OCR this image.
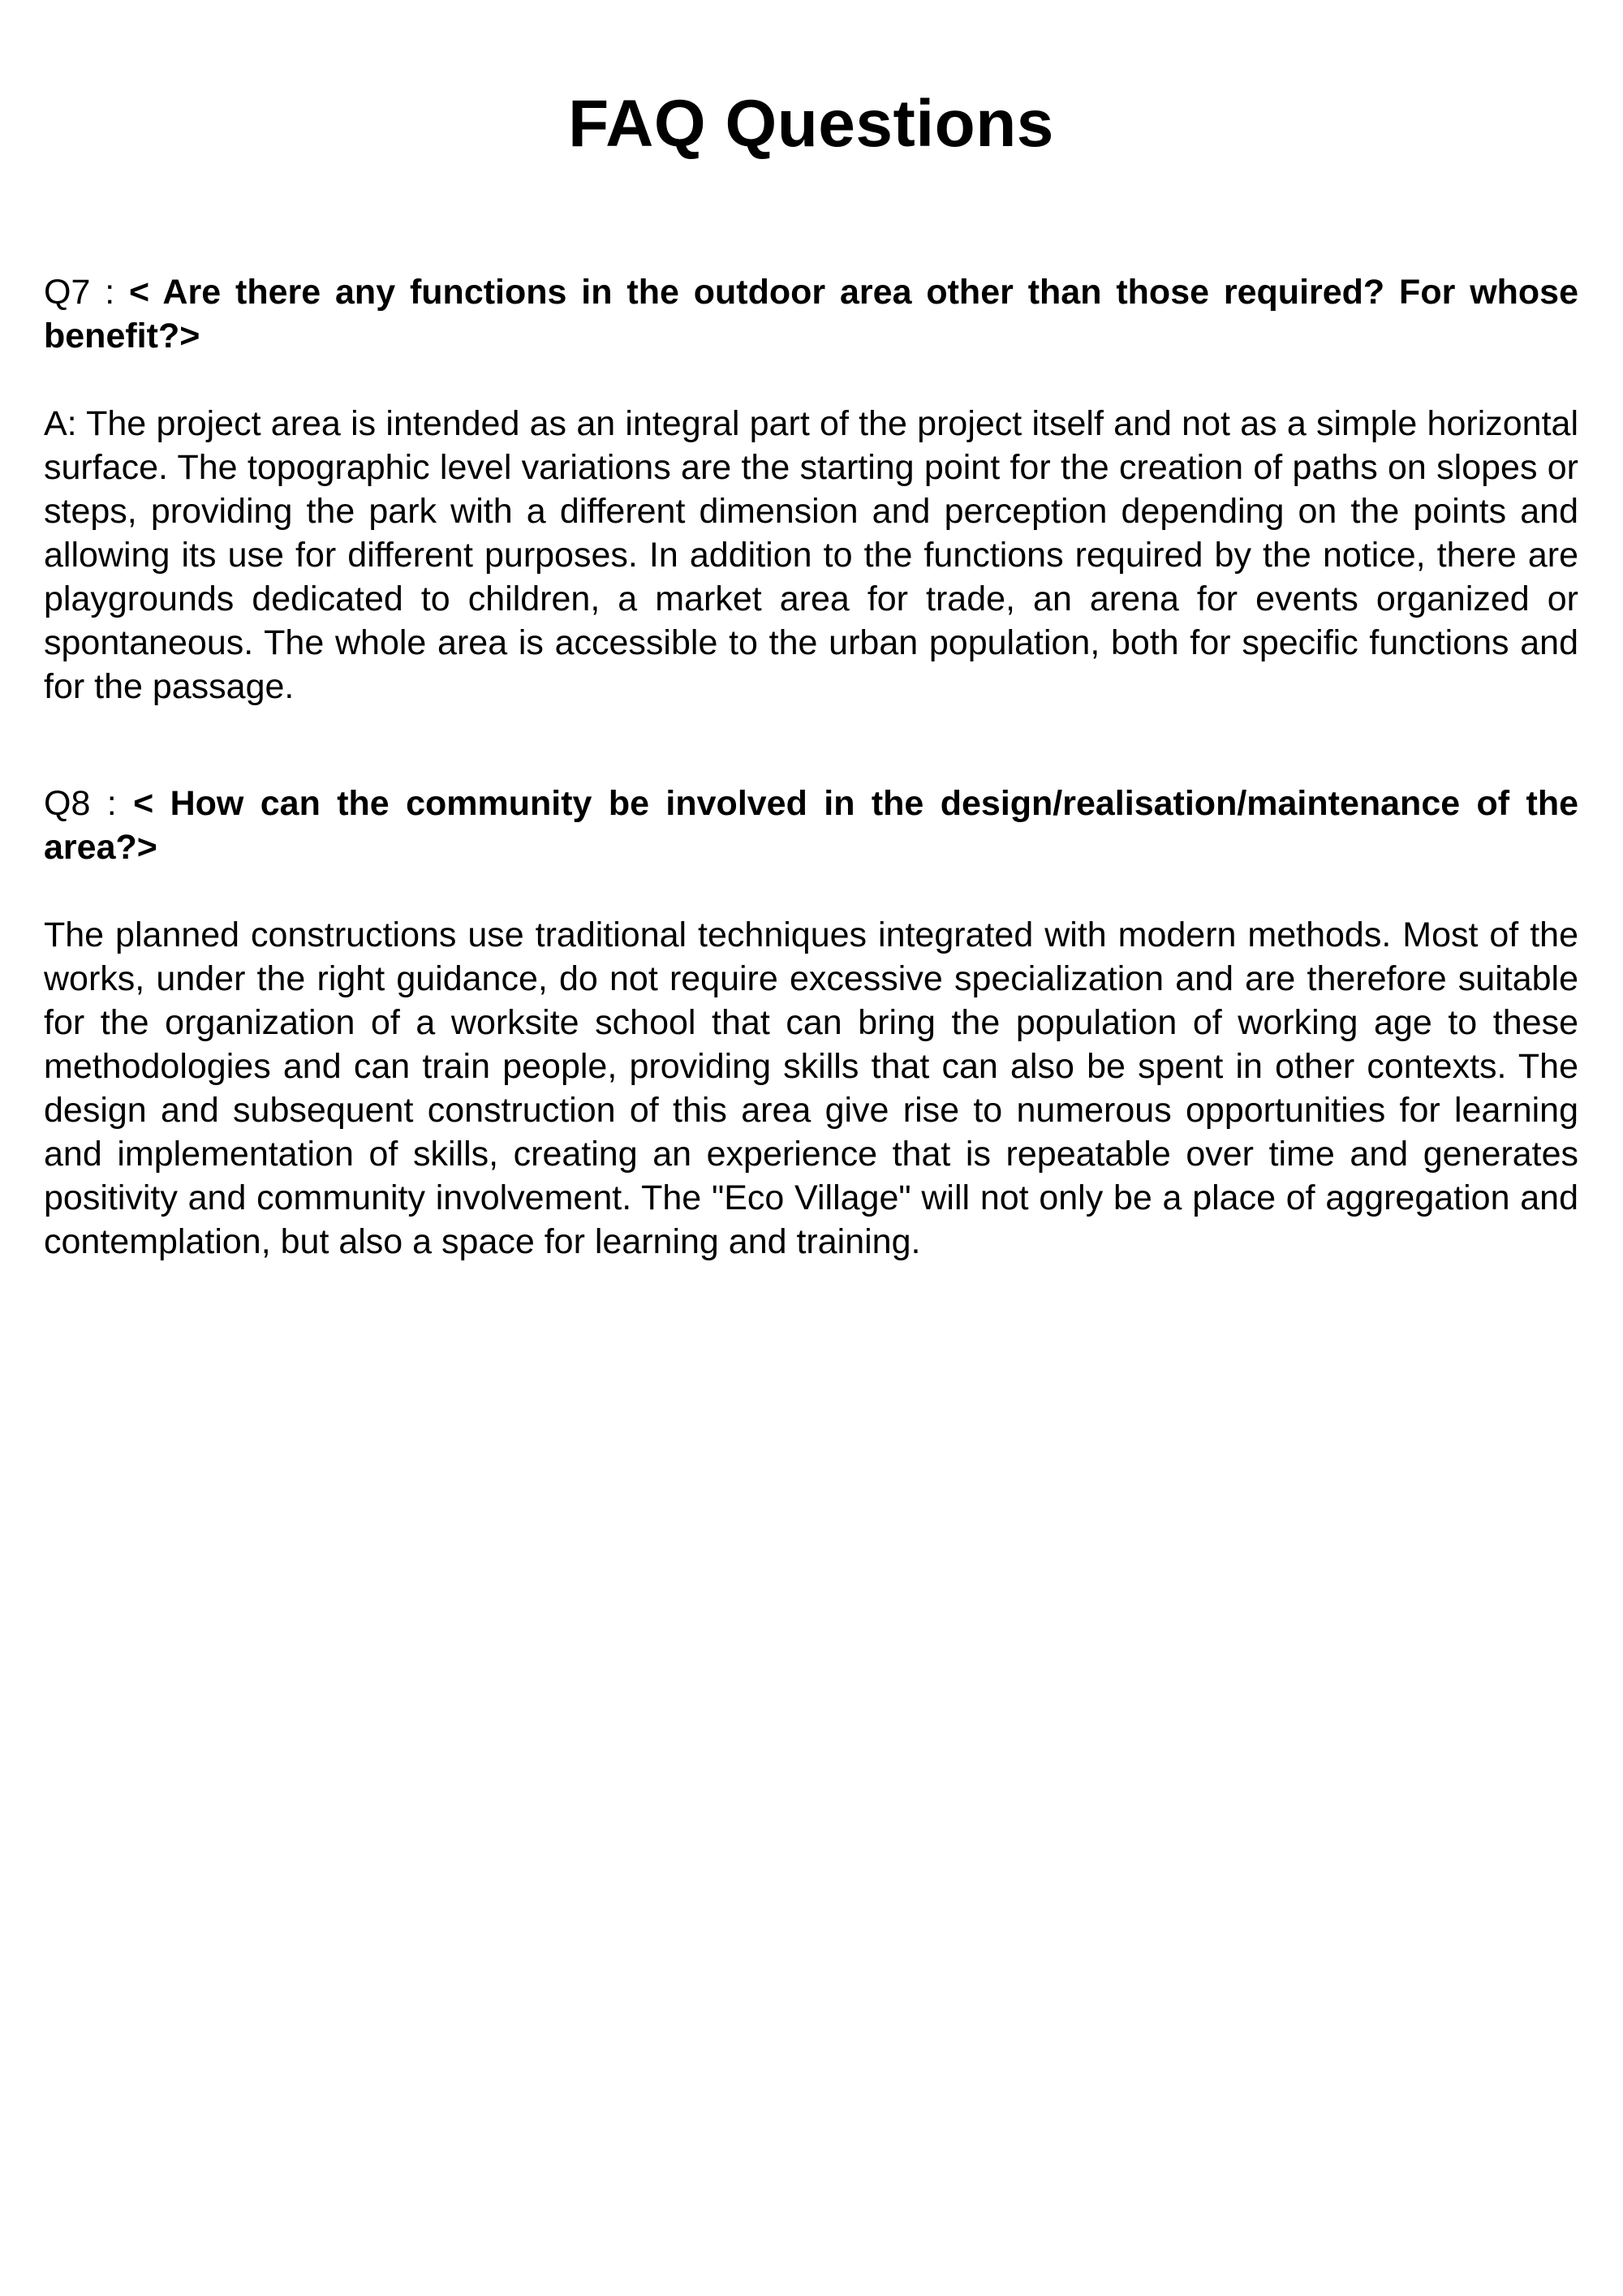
FAQ Questions

Q7 : < Are there any functions in the outdoor area other than those required? For whose benefit?>

A: The project area is intended as an integral part of the project itself and not as a simple horizontal surface. The topographic level variations are the starting point for the creation of paths on slopes or steps, providing the park with a different dimension and perception depending on the points and allowing its use for different purposes. In addition to the functions required by the notice, there are playgrounds dedicated to children, a market area for trade, an arena for events organized or spontaneous. The whole area is accessible to the urban population, both for specific functions and for the passage.

Q8 : < How can the community be involved in the design/realisation/maintenance of the area?>

The planned constructions use traditional techniques integrated with modern methods. Most of the works, under the right guidance, do not require excessive specialization and are therefore suitable for the organization of a worksite school that can bring the population of working age to these methodologies and can train people, providing skills that can also be spent in other contexts. The design and subsequent construction of this area give rise to numerous opportunities for learning and implementation of skills, creating an experience that is repeatable over time and generates positivity and community involvement. The "Eco Village" will not only be a place of aggregation and contemplation, but also a space for learning and training.
